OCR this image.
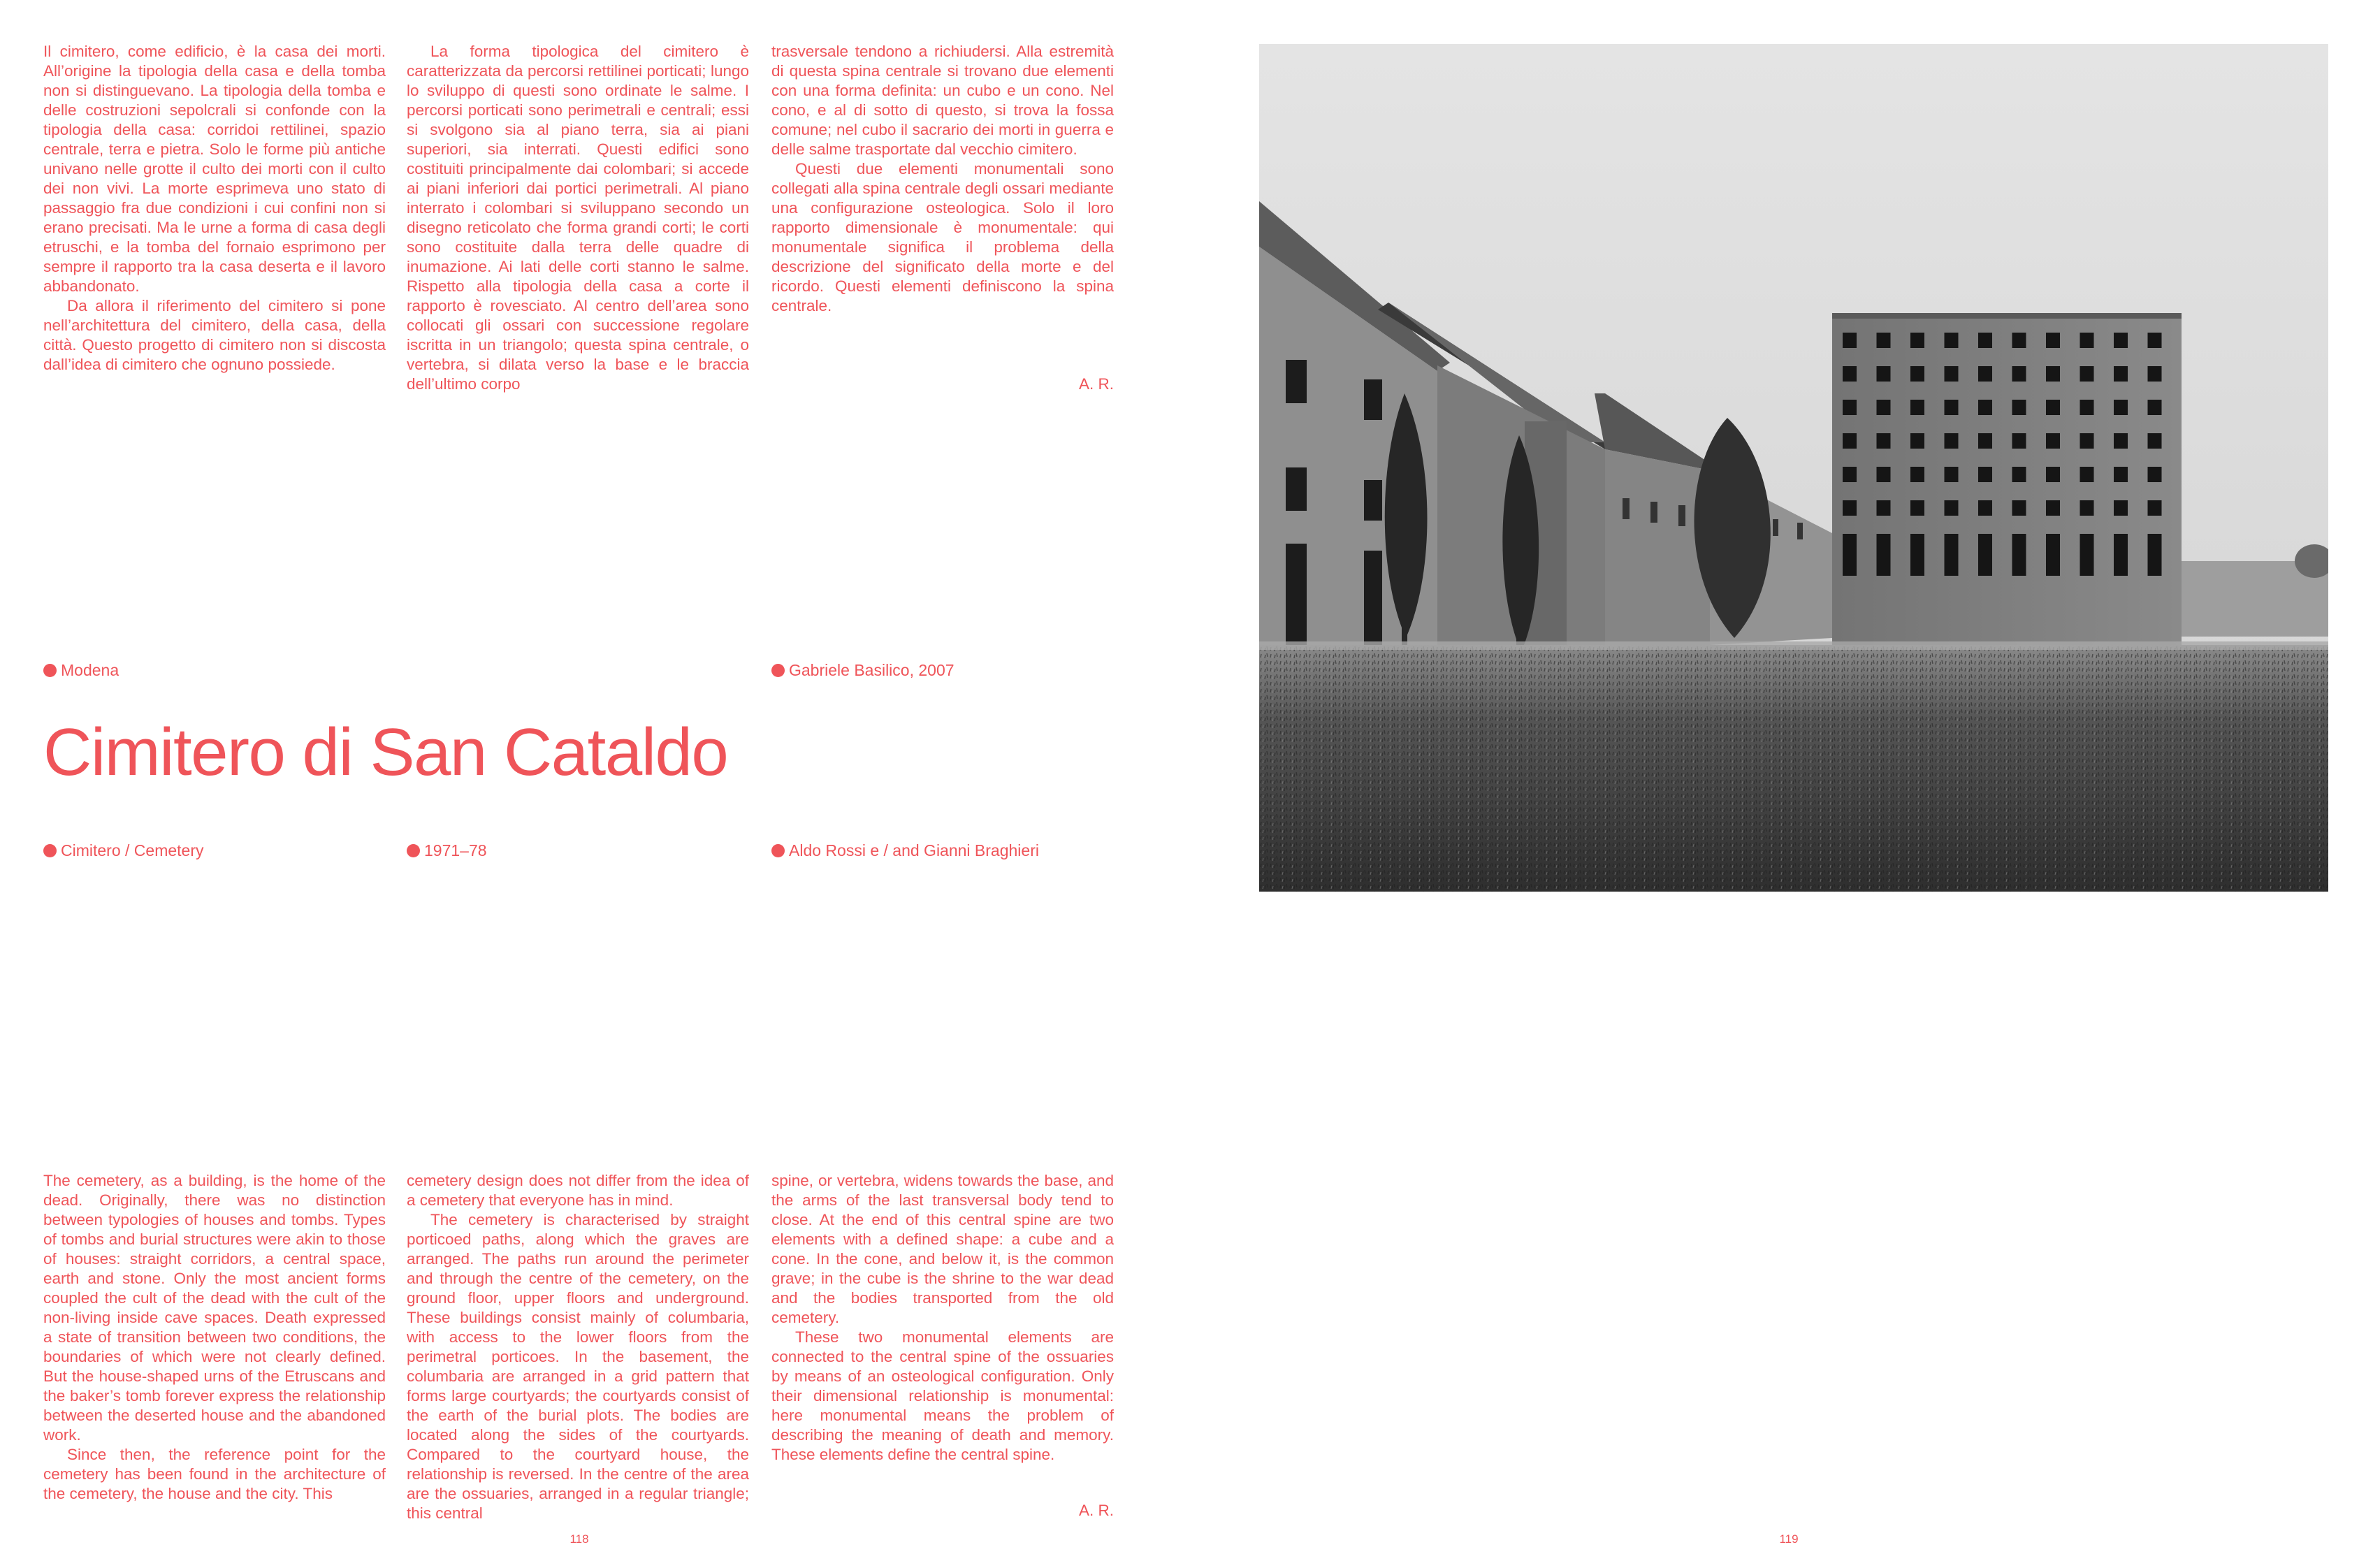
Il cimitero, come edificio, è la casa dei morti. All’origine la tipologia della casa e della tomba non si distinguevano. La tipologia della tomba e delle costruzioni sepolcrali si confonde con la tipologia della casa: corridoi rettilinei, spazio centrale, terra e pietra. Solo le forme più antiche univano nelle grotte il culto dei morti con il culto dei non vivi. La morte esprimeva uno stato di passaggio fra due condizioni i cui confini non si erano precisati. Ma le urne a forma di casa degli etruschi, e la tomba del fornaio esprimono per sempre il rapporto tra la casa deserta e il lavoro abbandonato.

Da allora il riferimento del cimitero si pone nell’architettura del cimitero, della casa, della città. Questo progetto di cimitero non si discosta dall’idea di cimitero che ognuno possiede.

La forma tipologica del cimitero è caratterizzata da percorsi rettilinei porticati; lungo lo sviluppo di questi sono ordinate le salme. I percorsi porticati sono perimetrali e centrali; essi si svolgono sia al piano terra, sia ai piani superiori, sia interrati. Questi edifici sono costituiti principalmente dai colombari; si accede ai piani inferiori dai portici perimetrali. Al piano interrato i colombari si sviluppano secondo un disegno reticolato che forma grandi corti; le corti sono costituite dalla terra delle quadre di inumazione. Ai lati delle corti stanno le salme. Rispetto alla tipologia della casa a corte il rapporto è rovesciato. Al centro dell’area sono collocati gli ossari con successione regolare iscritta in un triangolo; questa spina centrale, o vertebra, si dilata verso la base e le braccia dell’ultimo corpo

trasversale tendono a richiudersi. Alla estremità di questa spina centrale si trovano due elementi con una forma definita: un cubo e un cono. Nel cono, e al di sotto di questo, si trova la fossa comune; nel cubo il sacrario dei morti in guerra e delle salme trasportate dal vecchio cimitero.

Questi due elementi monumentali sono collegati alla spina centrale degli ossari mediante una configurazione osteologica. Solo il loro rapporto dimensionale è monumentale: qui monumentale significa il problema della descrizione del significato della morte e del ricordo. Questi elementi definiscono la spina centrale.

A. R.
Modena	Gabriele Basilico, 2007
Cimitero di San Cataldo
Cimitero / Cemetery	1971–78	Aldo Rossi e / and Gianni Braghieri

The cemetery, as a building, is the home of the dead. Originally, there was no distinction between typologies of houses and tombs. Types of tombs and burial structures were akin to those of houses: straight corridors, a central space, earth and stone. Only the most ancient forms coupled the cult of the dead with the cult of the non-living inside cave spaces. Death expressed a state of transition between two conditions, the boundaries of which were not clearly defined. But the house-shaped urns of the Etruscans and the baker’s tomb forever express the relationship between the deserted house and the abandoned work.

Since then, the reference point for the cemetery has been found in the architecture of the cemetery, the house and the city. This

cemetery design does not differ from the idea of a cemetery that everyone has in mind.

The cemetery is characterised by straight porticoed paths, along which the graves are arranged. The paths run around the perimeter and through the centre of the cemetery, on the ground floor, upper floors and underground. These buildings consist mainly of columbaria, with access to the lower floors from the perimetral porticoes. In the basement, the columbaria are arranged in a grid pattern that forms large courtyards; the courtyards consist of the earth of the burial plots. The bodies are located along the sides of the courtyards. Compared to the courtyard house, the relationship is reversed. In the centre of the area are the ossuaries, arranged in a regular triangle; this central

spine, or vertebra, widens towards the base, and the arms of the last transversal body tend to close. At the end of this central spine are two elements with a defined shape: a cube and a cone. In the cone, and below it, is the common grave; in the cube is the shrine to the war dead and the bodies transported from the old cemetery.

These two monumental elements are connected to the central spine of the ossuaries by means of an osteological configuration. Only their dimensional relationship is monumental: here monumental means the problem of describing the meaning of death and memory. These elements define the central spine.

A. R.
118	119
